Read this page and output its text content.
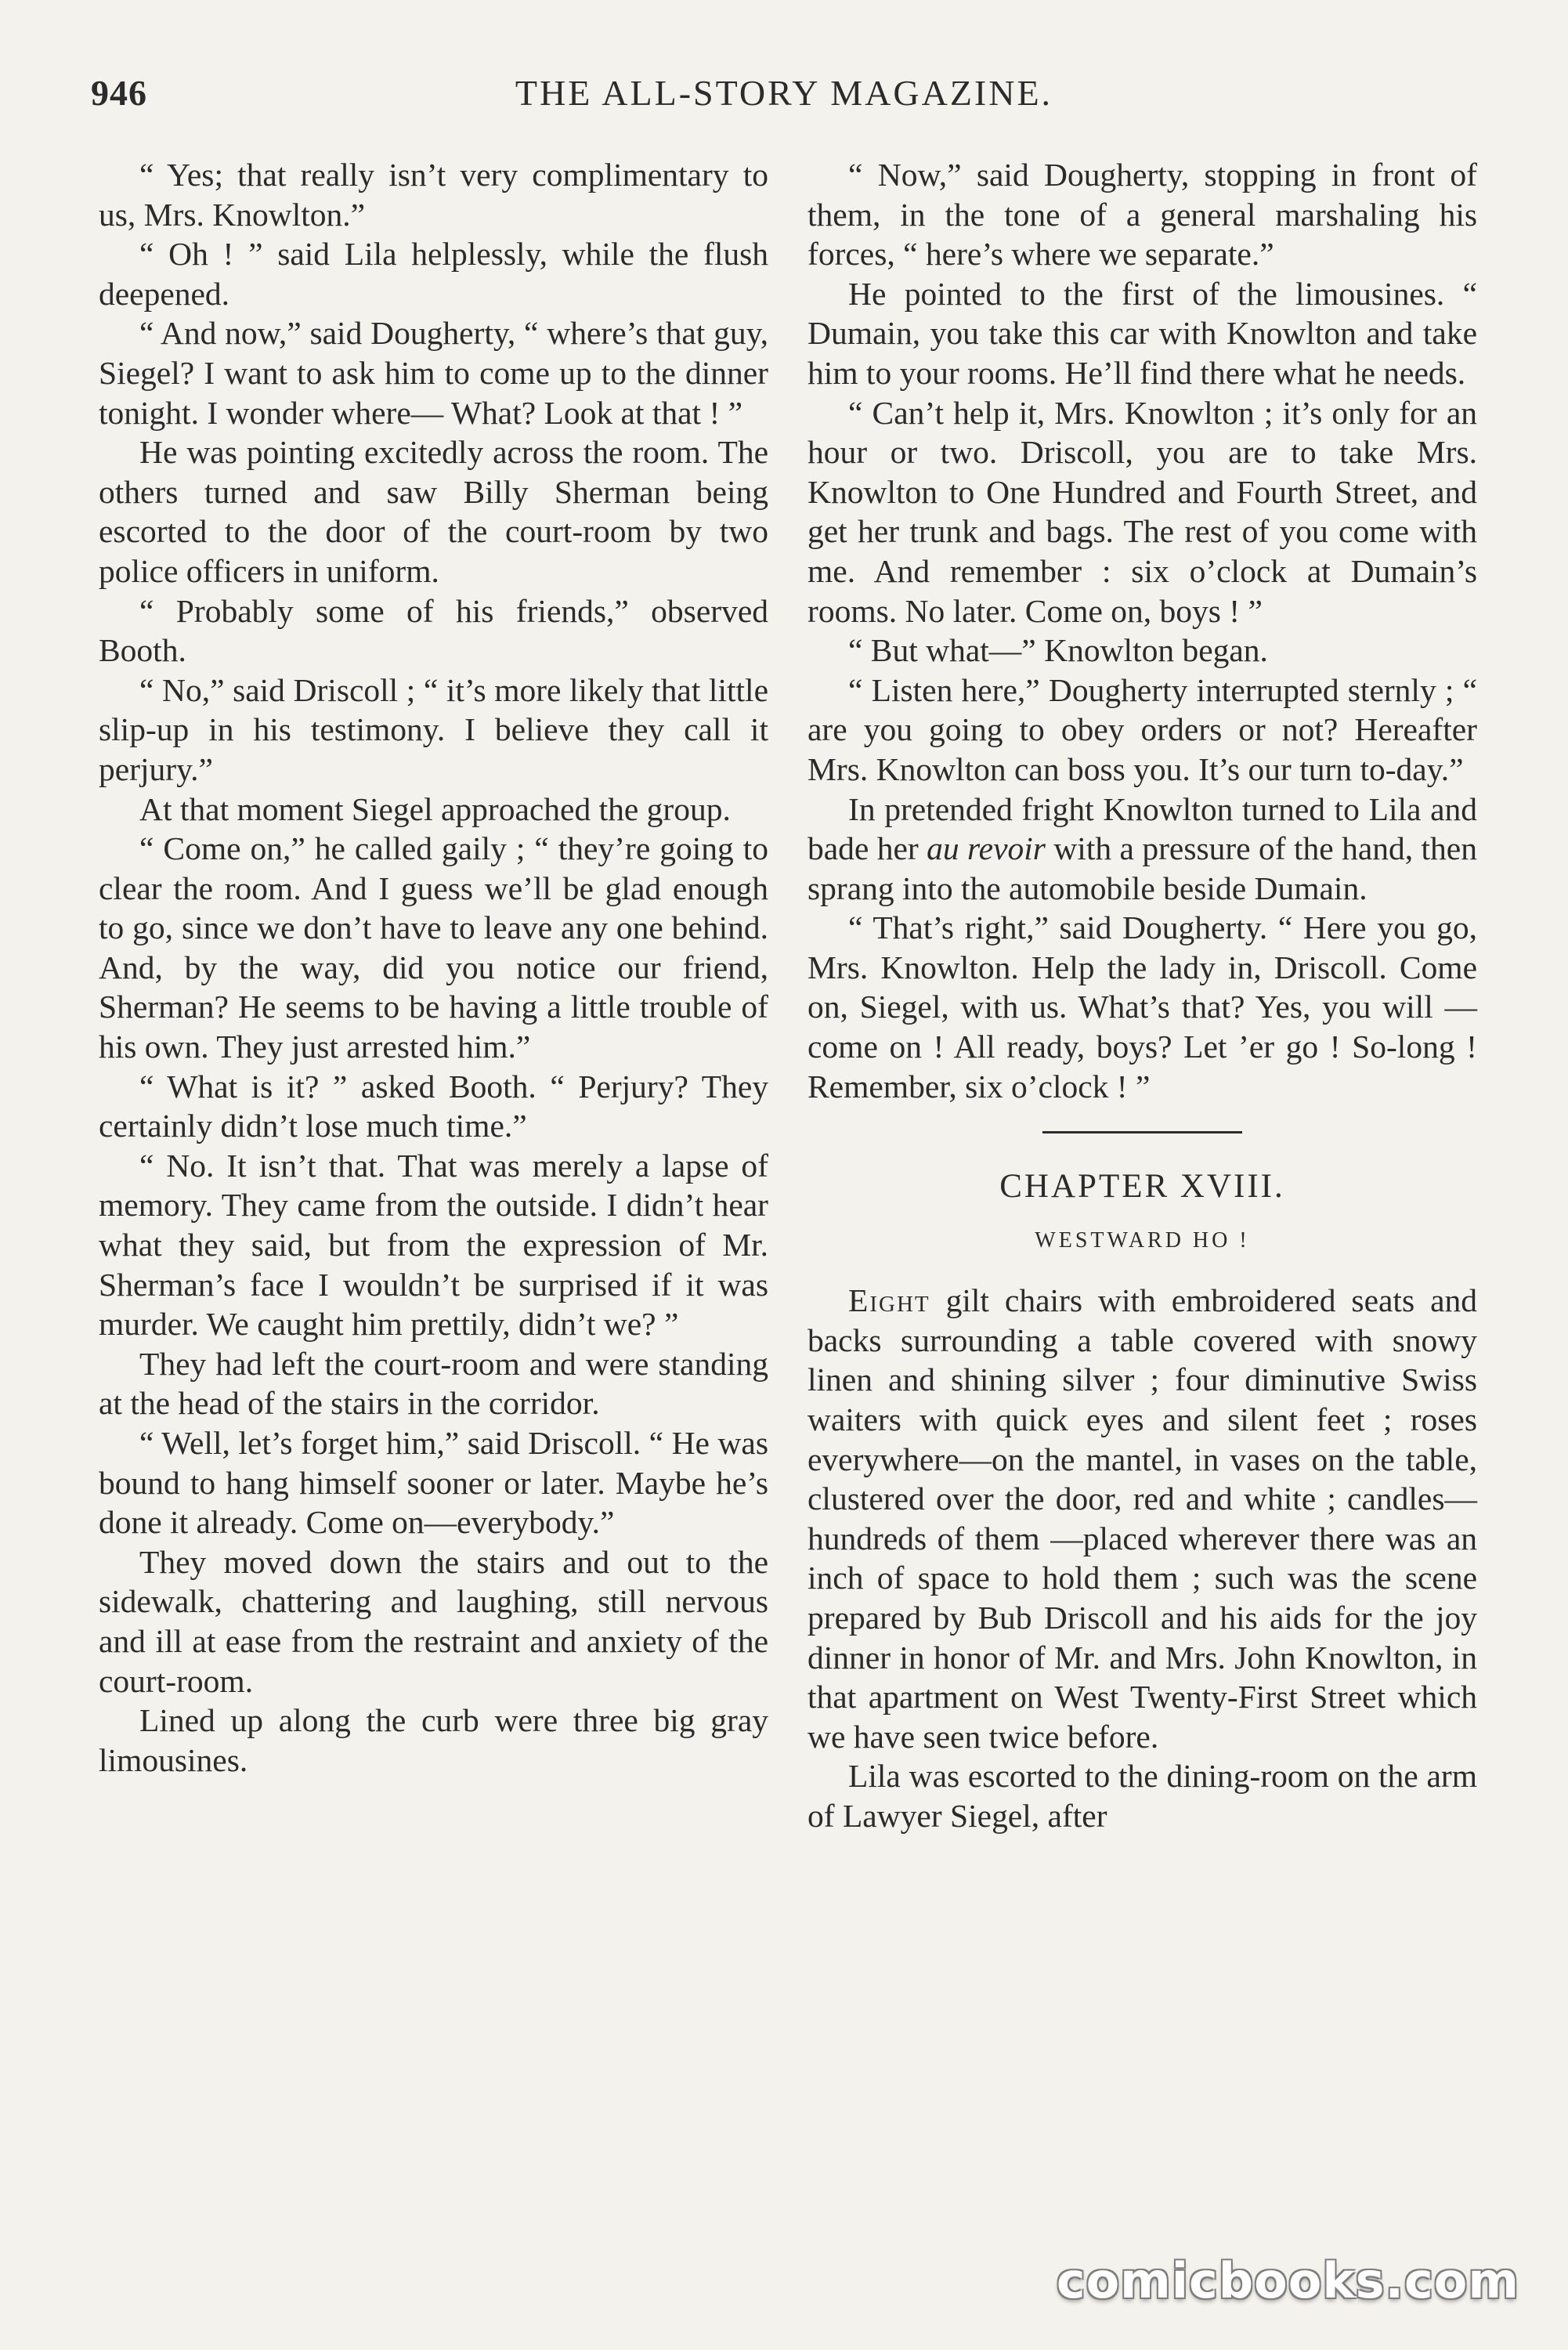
946	THE ALL-STORY MAGAZINE.

“ Yes; that really isn’t very complimentary to us, Mrs. Knowlton.”

“ Oh ! ” said Lila helplessly, while the flush deepened.

“ And now,” said Dougherty, “ where’s that guy, Siegel? I want to ask him to come up to the dinner tonight. I wonder where— What? Look at that ! ”

He was pointing excitedly across the room. The others turned and saw Billy Sherman being escorted to the door of the court-room by two police officers in uniform.

“ Probably some of his friends,” observed Booth.

“ No,” said Driscoll ; “ it’s more likely that little slip-up in his testimony. I believe they call it perjury.”

At that moment Siegel approached the group.

“ Come on,” he called gaily ; “ they’re going to clear the room. And I guess we’ll be glad enough to go, since we don’t have to leave any one behind. And, by the way, did you notice our friend, Sherman? He seems to be having a little trouble of his own. They just arrested him.”

“ What is it? ” asked Booth. “ Perjury? They certainly didn’t lose much time.”

“ No. It isn’t that. That was merely a lapse of memory. They came from the outside. I didn’t hear what they said, but from the expression of Mr. Sherman’s face I wouldn’t be surprised if it was murder. We caught him prettily, didn’t we? ”

They had left the court-room and were standing at the head of the stairs in the corridor.

“ Well, let’s forget him,” said Driscoll. “ He was bound to hang himself sooner or later. Maybe he’s done it already. Come on—everybody.”

They moved down the stairs and out to the sidewalk, chattering and laughing, still nervous and ill at ease from the restraint and anxiety of the court-room.

Lined up along the curb were three big gray limousines.

“ Now,” said Dougherty, stopping in front of them, in the tone of a general marshaling his forces, “ here’s where we separate.”

He pointed to the first of the limousines. “ Dumain, you take this car with Knowlton and take him to your rooms. He’ll find there what he needs.

“ Can’t help it, Mrs. Knowlton ; it’s only for an hour or two. Driscoll, you are to take Mrs. Knowlton to One Hundred and Fourth Street, and get her trunk and bags. The rest of you come with me. And remember : six o’clock at Dumain’s rooms. No later. Come on, boys ! ”

“ But what—” Knowlton began.

“ Listen here,” Dougherty interrupted sternly ; “ are you going to obey orders or not? Hereafter Mrs. Knowlton can boss you. It’s our turn to-day.”

In pretended fright Knowlton turned to Lila and bade her au revoir with a pressure of the hand, then sprang into the automobile beside Dumain.

“ That’s right,” said Dougherty. “ Here you go, Mrs. Knowlton. Help the lady in, Driscoll. Come on, Siegel, with us. What’s that? Yes, you will —come on ! All ready, boys? Let ’er go ! So-long ! Remember, six o’clock ! ”

CHAPTER XVIII.
WESTWARD HO !

Eight gilt chairs with embroidered seats and backs surrounding a table covered with snowy linen and shining silver ; four diminutive Swiss waiters with quick eyes and silent feet ; roses everywhere—on the mantel, in vases on the table, clustered over the door, red and white ; candles—hundreds of them —placed wherever there was an inch of space to hold them ; such was the scene prepared by Bub Driscoll and his aids for the joy dinner in honor of Mr. and Mrs. John Knowlton, in that apartment on West Twenty-First Street which we have seen twice before.

Lila was escorted to the dining-room on the arm of Lawyer Siegel, after

comicbooks.com
